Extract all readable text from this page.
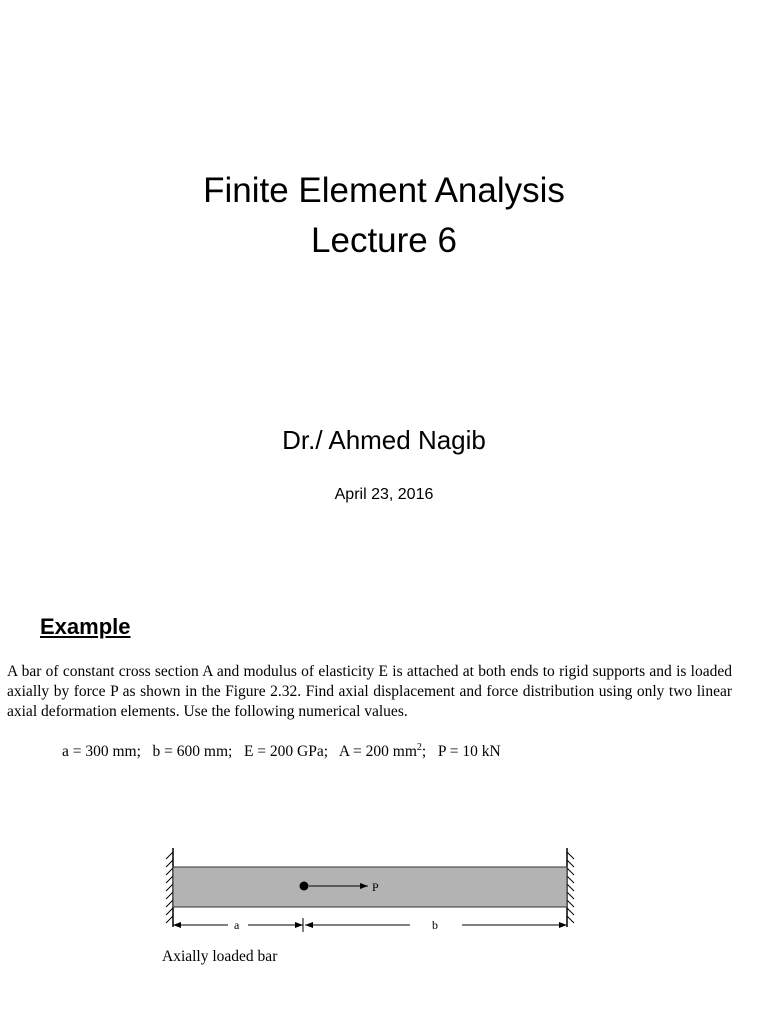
Finite Element Analysis
Lecture 6
Dr./ Ahmed Nagib
April 23, 2016
Example

A bar of constant cross section A and modulus of elasticity E is attached at both ends to rigid supports and is loaded axially by force P as shown in the Figure 2.32. Find axial displacement and force distribution using only two linear axial deformation elements. Use the following numerical values.

a = 300 mm; b = 600 mm; E = 200 GPa; A = 200 $mm^2$; P = 10 kN
P
a	b
Axially loaded bar
